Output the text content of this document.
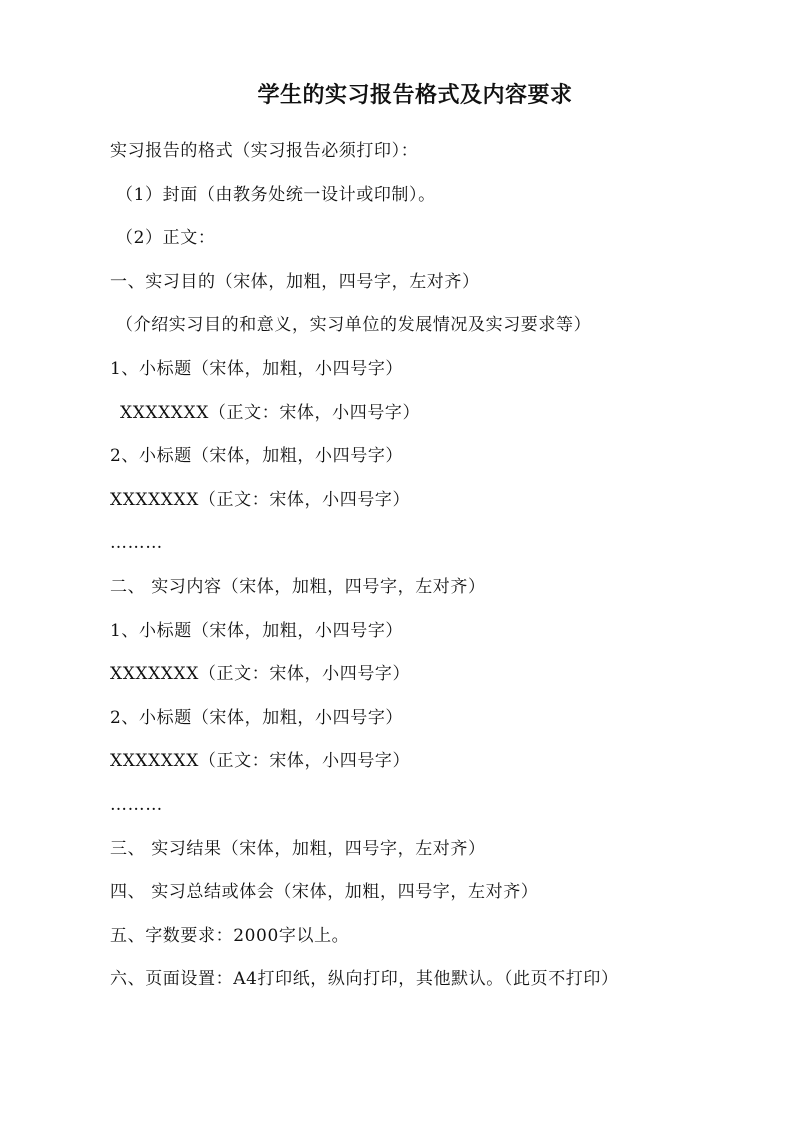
学生的实习报告格式及内容要求
实习报告的格式（实习报告必须打印）：
（1）封面（由教务处统一设计或印制）。
（2）正文：
一、实习目的（宋体，加粗，四号字，左对齐）
（介绍实习目的和意义，实习单位的发展情况及实习要求等）
1、小标题（宋体，加粗，小四号字）
XXXXXXX（正文：宋体，小四号字）
2、小标题（宋体，加粗，小四号字）
XXXXXXX（正文：宋体，小四号字）
………
二、 实习内容（宋体，加粗，四号字，左对齐）
1、小标题（宋体，加粗，小四号字）
XXXXXXX（正文：宋体，小四号字）
2、小标题（宋体，加粗，小四号字）
XXXXXXX（正文：宋体，小四号字）
………
三、 实习结果（宋体，加粗，四号字，左对齐）
四、 实习总结或体会（宋体，加粗，四号字，左对齐）
五、字数要求：2000字以上。
六、页面设置：A4打印纸，纵向打印，其他默认。（此页不打印）
